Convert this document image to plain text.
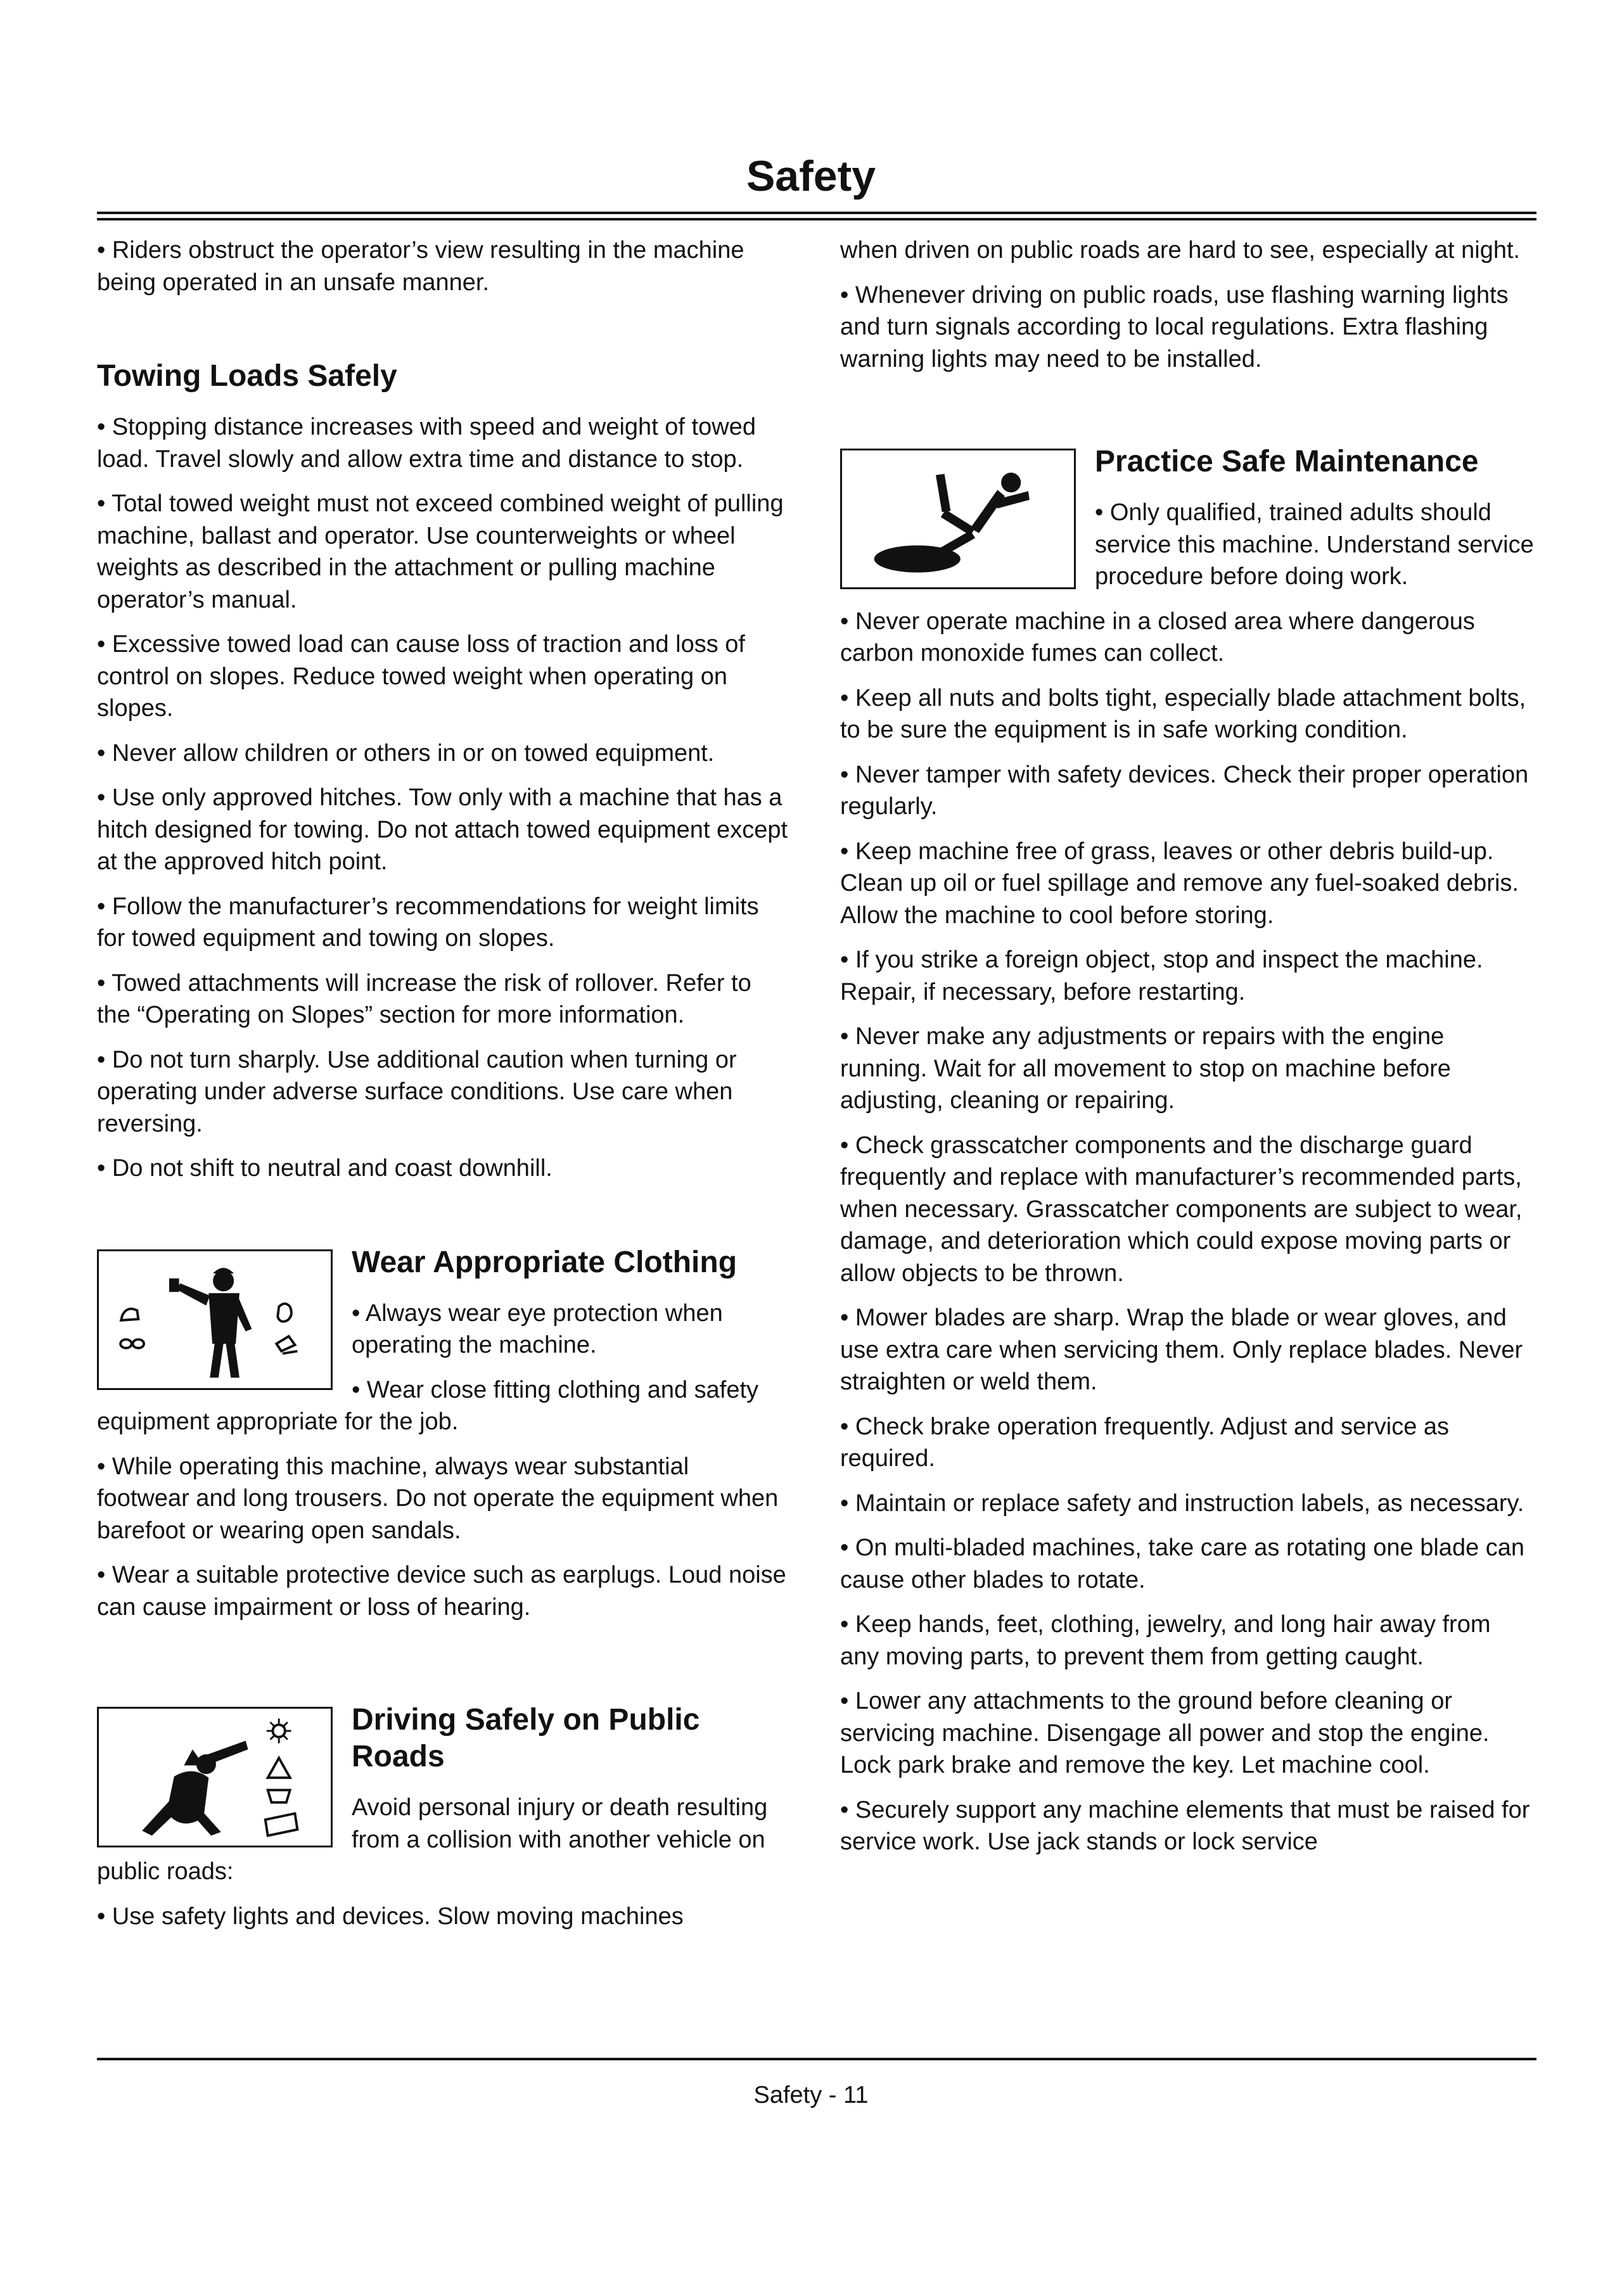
Safety

• Riders obstruct the operator’s view resulting in the machine being operated in an unsafe manner.

Towing Loads Safely

• Stopping distance increases with speed and weight of towed load. Travel slowly and allow extra time and distance to stop.

• Total towed weight must not exceed combined weight of pulling machine, ballast and operator. Use counterweights or wheel weights as described in the attachment or pulling machine operator’s manual.

• Excessive towed load can cause loss of traction and loss of control on slopes. Reduce towed weight when operating on slopes.

• Never allow children or others in or on towed equipment.

• Use only approved hitches. Tow only with a machine that has a hitch designed for towing. Do not attach towed equipment except at the approved hitch point.

• Follow the manufacturer’s recommendations for weight limits for towed equipment and towing on slopes.

• Towed attachments will increase the risk of rollover. Refer to the “Operating on Slopes” section for more information.

• Do not turn sharply. Use additional caution when turning or operating under adverse surface conditions. Use care when reversing.

• Do not shift to neutral and coast downhill.

Wear Appropriate Clothing

• Always wear eye protection when operating the machine.

• Wear close fitting clothing and safety equipment appropriate for the job.

• While operating this machine, always wear substantial footwear and long trousers. Do not operate the equipment when barefoot or wearing open sandals.

• Wear a suitable protective device such as earplugs. Loud noise can cause impairment or loss of hearing.

Driving Safely on Public Roads

Avoid personal injury or death resulting from a collision with another vehicle on public roads:

• Use safety lights and devices. Slow moving machines

when driven on public roads are hard to see, especially at night.

• Whenever driving on public roads, use flashing warning lights and turn signals according to local regulations. Extra flashing warning lights may need to be installed.

Practice Safe Maintenance

• Only qualified, trained adults should service this machine. Understand service procedure before doing work.

• Never operate machine in a closed area where dangerous carbon monoxide fumes can collect.

• Keep all nuts and bolts tight, especially blade attachment bolts, to be sure the equipment is in safe working condition.

• Never tamper with safety devices. Check their proper operation regularly.

• Keep machine free of grass, leaves or other debris build-up. Clean up oil or fuel spillage and remove any fuel-soaked debris. Allow the machine to cool before storing.

• If you strike a foreign object, stop and inspect the machine. Repair, if necessary, before restarting.

• Never make any adjustments or repairs with the engine running. Wait for all movement to stop on machine before adjusting, cleaning or repairing.

• Check grasscatcher components and the discharge guard frequently and replace with manufacturer’s recommended parts, when necessary. Grasscatcher components are subject to wear, damage, and deterioration which could expose moving parts or allow objects to be thrown.

• Mower blades are sharp. Wrap the blade or wear gloves, and use extra care when servicing them. Only replace blades. Never straighten or weld them.

• Check brake operation frequently. Adjust and service as required.

• Maintain or replace safety and instruction labels, as necessary.

• On multi-bladed machines, take care as rotating one blade can cause other blades to rotate.

• Keep hands, feet, clothing, jewelry, and long hair away from any moving parts, to prevent them from getting caught.

• Lower any attachments to the ground before cleaning or servicing machine. Disengage all power and stop the engine. Lock park brake and remove the key. Let machine cool.

• Securely support any machine elements that must be raised for service work. Use jack stands or lock service

Safety - 11
